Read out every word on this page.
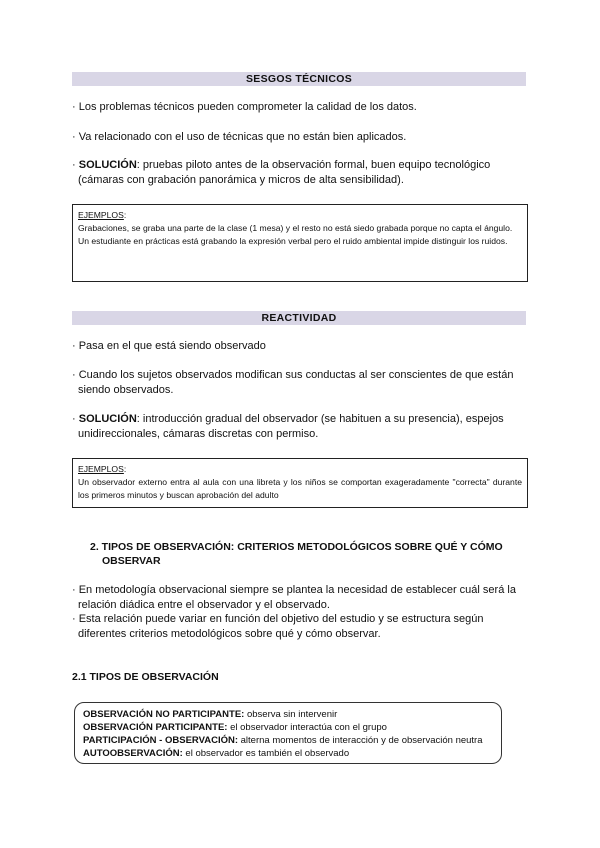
SESGOS TÉCNICOS
· Los problemas técnicos pueden comprometer la calidad de los datos.
· Va relacionado con el uso de técnicas que no están bien aplicados.
· SOLUCIÓN: pruebas piloto antes de la observación formal, buen equipo tecnológico
(cámaras con grabación panorámica y micros de alta sensibilidad).
EJEMPLOS:
Grabaciones, se graba una parte de la clase (1 mesa) y el resto no está siedo grabada porque no capta el ángulo.
Un estudiante en prácticas está grabando la expresión verbal pero el ruido ambiental impide distinguir los ruidos.
REACTIVIDAD
· Pasa en el que está siendo observado
· Cuando los sujetos observados modifican sus conductas al ser conscientes de que están
siendo observados.
· SOLUCIÓN: introducción gradual del observador (se habituen a su presencia), espejos
unidireccionales, cámaras discretas con permiso.
EJEMPLOS:
Un observador externo entra al aula con una libreta y los niños se comportan exageradamente "correcta" durante los primeros minutos y buscan aprobación del adulto
2. TIPOS DE OBSERVACIÓN: CRITERIOS METODOLÓGICOS SOBRE QUÉ Y CÓMO
OBSERVAR
· En metodología observacional siempre se plantea la necesidad de establecer cuál será la
relación diádica entre el observador y el observado.
· Esta relación puede variar en función del objetivo del estudio y se estructura según
diferentes criterios metodológicos sobre qué y cómo observar.
2.1 TIPOS DE OBSERVACIÓN
OBSERVACIÓN NO PARTICIPANTE: observa sin intervenir
OBSERVACIÓN PARTICIPANTE: el observador interactúa con el grupo
PARTICIPACIÓN - OBSERVACIÓN: alterna momentos de interacción y de observación neutra
AUTOOBSERVACIÓN: el observador es también el observado
